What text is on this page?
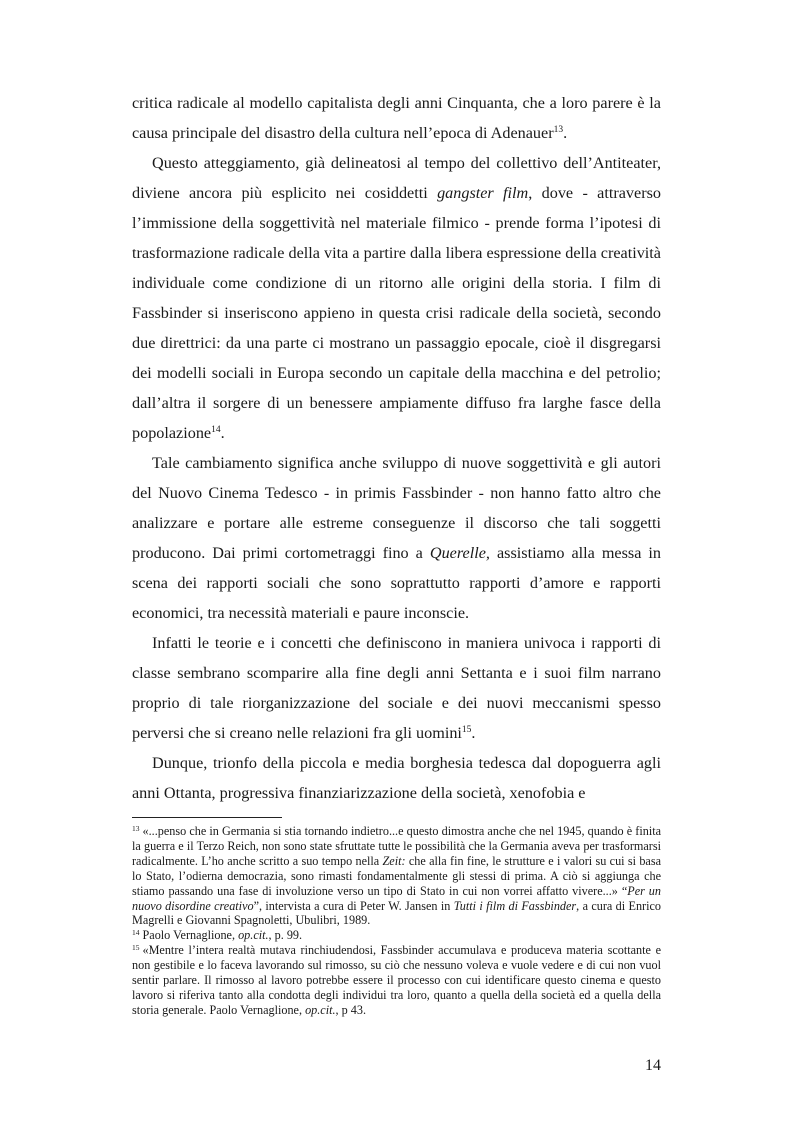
critica radicale al modello capitalista degli anni Cinquanta, che a loro parere è la causa principale del disastro della cultura nell’epoca di Adenauer$^{13}$.

Questo atteggiamento, già delineatosi al tempo del collettivo dell’Antiteater, diviene ancora più esplicito nei cosiddetti gangster film, dove - attraverso l’immissione della soggettività nel materiale filmico - prende forma l’ipotesi di trasformazione radicale della vita a partire dalla libera espressione della creatività individuale come condizione di un ritorno alle origini della storia. I film di Fassbinder si inseriscono appieno in questa crisi radicale della società, secondo due direttrici: da una parte ci mostrano un passaggio epocale, cioè il disgregarsi dei modelli sociali in Europa secondo un capitale della macchina e del petrolio; dall’altra il sorgere di un benessere ampiamente diffuso fra larghe fasce della popolazione$^{14}$.

Tale cambiamento significa anche sviluppo di nuove soggettività e gli autori del Nuovo Cinema Tedesco - in primis Fassbinder - non hanno fatto altro che analizzare e portare alle estreme conseguenze il discorso che tali soggetti producono. Dai primi cortometraggi fino a Querelle, assistiamo alla messa in scena dei rapporti sociali che sono soprattutto rapporti d’amore e rapporti economici, tra necessità materiali e paure inconscie.

Infatti le teorie e i concetti che definiscono in maniera univoca i rapporti di classe sembrano scomparire alla fine degli anni Settanta e i suoi film narrano proprio di tale riorganizzazione del sociale e dei nuovi meccanismi spesso perversi che si creano nelle relazioni fra gli uomini$^{15}$.

Dunque, trionfo della piccola e media borghesia tedesca dal dopoguerra agli anni Ottanta, progressiva finanziarizzazione della società, xenofobia e

$^{13}$ «...penso che in Germania si stia tornando indietro...e questo dimostra anche che nel 1945, quando è finita la guerra e il Terzo Reich, non sono state sfruttate tutte le possibilità che la Germania aveva per trasformarsi radicalmente. L’ho anche scritto a suo tempo nella Zeit: che alla fin fine, le strutture e i valori su cui si basa lo Stato, l’odierna democrazia, sono rimasti fondamentalmente gli stessi di prima. A ciò si aggiunga che stiamo passando una fase di involuzione verso un tipo di Stato in cui non vorrei affatto vivere...» “Per un nuovo disordine creativo”, intervista a cura di Peter W. Jansen in Tutti i film di Fassbinder, a cura di Enrico Magrelli e Giovanni Spagnoletti, Ubulibri, 1989.

$^{14}$ Paolo Vernaglione, op.cit., p. 99.

$^{15}$ «Mentre l’intera realtà mutava rinchiudendosi, Fassbinder accumulava e produceva materia scottante e non gestibile e lo faceva lavorando sul rimosso, su ciò che nessuno voleva e vuole vedere e di cui non vuol sentir parlare. Il rimosso al lavoro potrebbe essere il processo con cui identificare questo cinema e questo lavoro si riferiva tanto alla condotta degli individui tra loro, quanto a quella della società ed a quella della storia generale. Paolo Vernaglione, op.cit., p 43.

14
